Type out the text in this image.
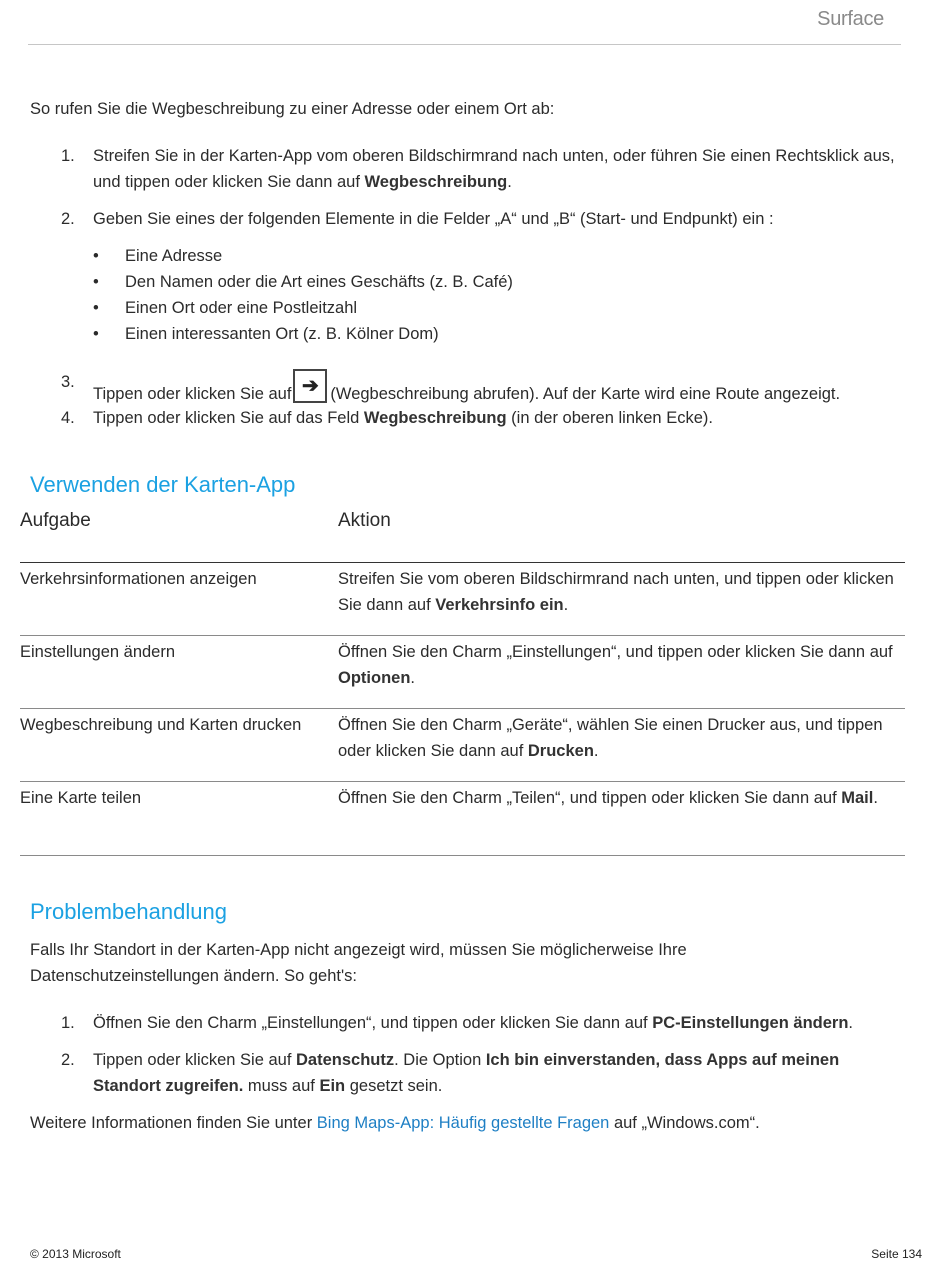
Surface
So rufen Sie die Wegbeschreibung zu einer Adresse oder einem Ort ab:
1. Streifen Sie in der Karten-App vom oberen Bildschirmrand nach unten, oder führen Sie einen Rechtsklick aus, und tippen oder klicken Sie dann auf Wegbeschreibung.
2. Geben Sie eines der folgenden Elemente in die Felder „A“ und „B“ (Start- und Endpunkt) ein :
• Eine Adresse
• Den Namen oder die Art eines Geschäfts (z. B. Café)
• Einen Ort oder eine Postleitzahl
• Einen interessanten Ort (z. B. Kölner Dom)
3.
Tippen oder klicken Sie auf ➔ (Wegbeschreibung abrufen). Auf der Karte wird eine Route angezeigt.
4. Tippen oder klicken Sie auf das Feld Wegbeschreibung (in der oberen linken Ecke).
Verwenden der Karten-App
Aufgabe	Aktion
Verkehrsinformationen anzeigen	Streifen Sie vom oberen Bildschirmrand nach unten, und tippen oder klicken Sie dann auf Verkehrsinfo ein.
Einstellungen ändern	Öffnen Sie den Charm „Einstellungen“, und tippen oder klicken Sie dann auf Optionen.
Wegbeschreibung und Karten drucken	Öffnen Sie den Charm „Geräte“, wählen Sie einen Drucker aus, und tippen oder klicken Sie dann auf Drucken.
Eine Karte teilen	Öffnen Sie den Charm „Teilen“, und tippen oder klicken Sie dann auf Mail.
Problembehandlung
Falls Ihr Standort in der Karten-App nicht angezeigt wird, müssen Sie möglicherweise Ihre Datenschutzeinstellungen ändern. So geht's:
1. Öffnen Sie den Charm „Einstellungen“, und tippen oder klicken Sie dann auf PC-Einstellungen ändern.
2. Tippen oder klicken Sie auf Datenschutz. Die Option Ich bin einverstanden, dass Apps auf meinen Standort zugreifen. muss auf Ein gesetzt sein.
Weitere Informationen finden Sie unter Bing Maps-App: Häufig gestellte Fragen auf „Windows.com“.
© 2013 Microsoft	Seite 134
